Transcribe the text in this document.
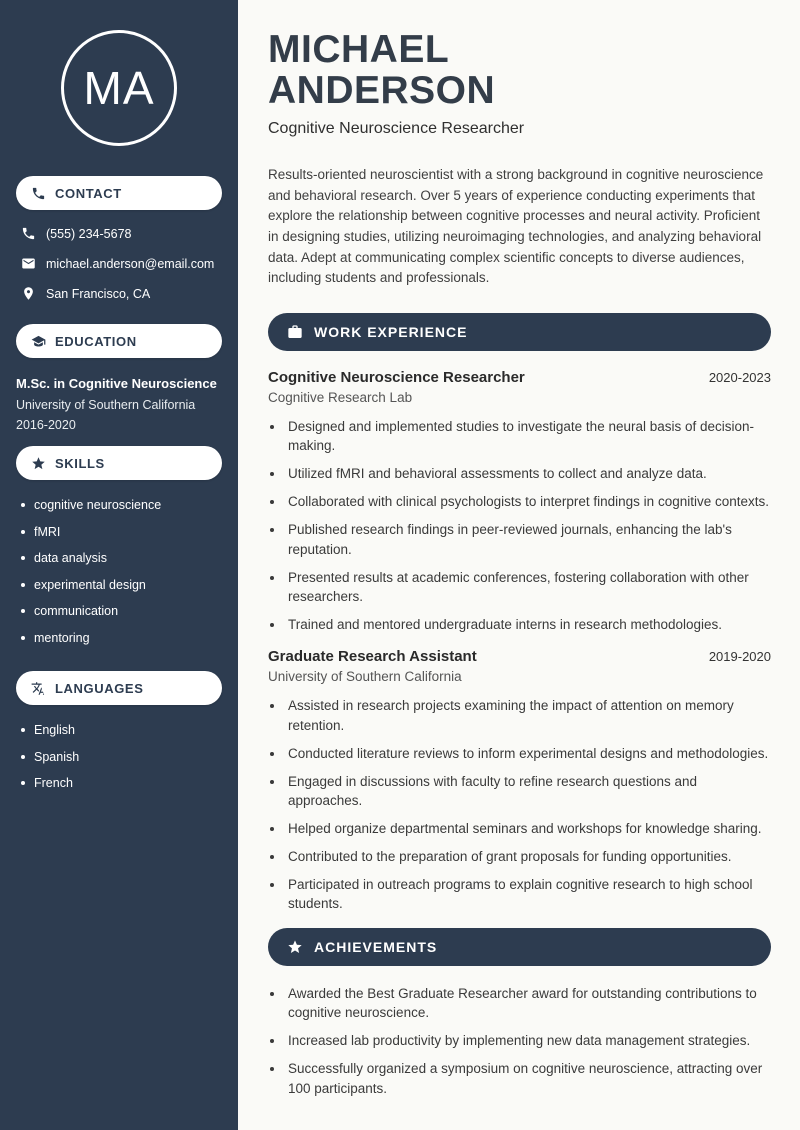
MA
CONTACT
(555) 234-5678
michael.anderson@email.com
San Francisco, CA
EDUCATION
M.Sc. in Cognitive Neuroscience
University of Southern California
2016-2020
SKILLS
cognitive neuroscience
fMRI
data analysis
experimental design
communication
mentoring
LANGUAGES
English
Spanish
French
MICHAEL
ANDERSON
Cognitive Neuroscience Researcher

Results-oriented neuroscientist with a strong background in cognitive neuroscience and behavioral research. Over 5 years of experience conducting experiments that explore the relationship between cognitive processes and neural activity. Proficient in designing studies, utilizing neuroimaging technologies, and analyzing behavioral data. Adept at communicating complex scientific concepts to diverse audiences, including students and professionals.

WORK EXPERIENCE
Cognitive Neuroscience Researcher	2020-2023
Cognitive Research Lab
• Designed and implemented studies to investigate the neural basis of decision-making.
• Utilized fMRI and behavioral assessments to collect and analyze data.
• Collaborated with clinical psychologists to interpret findings in cognitive contexts.
• Published research findings in peer-reviewed journals, enhancing the lab's reputation.
• Presented results at academic conferences, fostering collaboration with other researchers.
• Trained and mentored undergraduate interns in research methodologies.
Graduate Research Assistant	2019-2020
University of Southern California
• Assisted in research projects examining the impact of attention on memory retention.
• Conducted literature reviews to inform experimental designs and methodologies.
• Engaged in discussions with faculty to refine research questions and approaches.
• Helped organize departmental seminars and workshops for knowledge sharing.
• Contributed to the preparation of grant proposals for funding opportunities.
• Participated in outreach programs to explain cognitive research to high school students.
ACHIEVEMENTS
• Awarded the Best Graduate Researcher award for outstanding contributions to cognitive neuroscience.
• Increased lab productivity by implementing new data management strategies.
• Successfully organized a symposium on cognitive neuroscience, attracting over 100 participants.
